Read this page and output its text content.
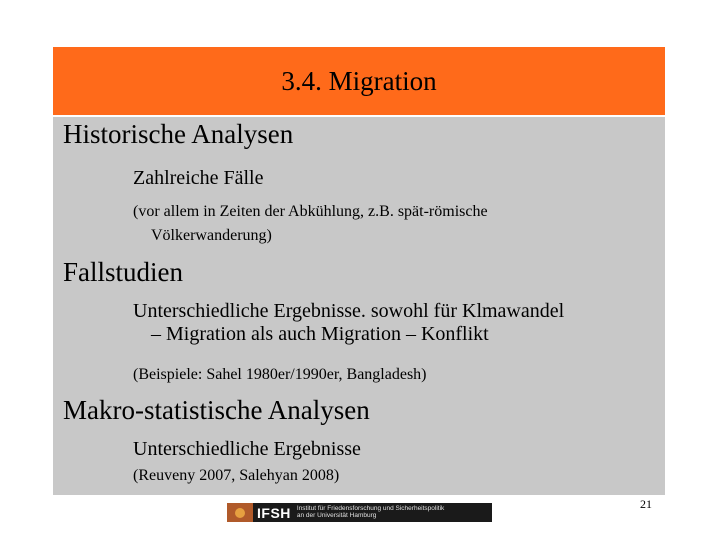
3.4. Migration
Historische Analysen
Zahlreiche Fälle
(vor allem in Zeiten der Abkühlung, z.B. spät-römische
Völkerwanderung)
Fallstudien
Unterschiedliche Ergebnisse. sowohl für Klmawandel
– Migration als auch Migration – Konflikt
(Beispiele: Sahel 1980er/1990er, Bangladesh)
Makro-statistische Analysen
Unterschiedliche Ergebnisse
(Reuveny 2007, Salehyan 2008)
21
IFSH Institut für Friedensforschung und Sicherheitspolitik
an der Universität Hamburg
